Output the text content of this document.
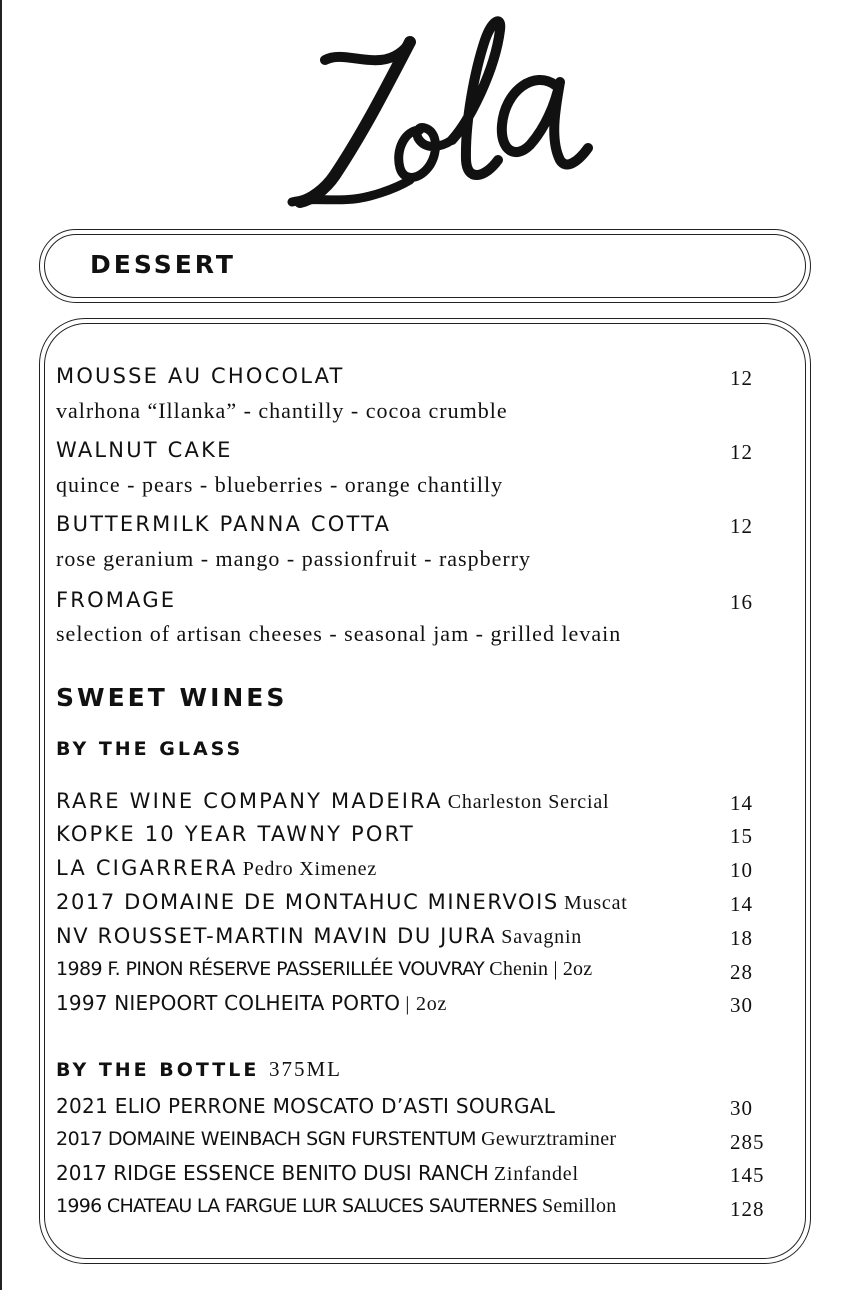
DESSERT
MOUSSE AU CHOCOLAT	12
valrhona “Illanka” - chantilly - cocoa crumble
WALNUT CAKE	12
quince - pears - blueberries - orange chantilly
BUTTERMILK PANNA COTTA	12
rose geranium - mango - passionfruit - raspberry
FROMAGE	16
selection of artisan cheeses - seasonal jam - grilled levain
SWEET WINES
BY THE GLASS
RARE WINE COMPANY MADEIRA Charleston Sercial	14
KOPKE 10 YEAR TAWNY PORT	15
LA CIGARRERA Pedro Ximenez	10
2017 DOMAINE DE MONTAHUC MINERVOIS Muscat	14
NV ROUSSET-MARTIN MAVIN DU JURA Savagnin	18
1989 F. PINON RÉSERVE PASSERILLÉE VOUVRAY Chenin | 2oz	28
1997 NIEPOORT COLHEITA PORTO | 2oz	30
BY THE BOTTLE 375ML
2021 ELIO PERRONE MOSCATO D’ASTI SOURGAL	30
2017 DOMAINE WEINBACH SGN FURSTENTUM Gewurztraminer	285
2017 RIDGE ESSENCE BENITO DUSI RANCH Zinfandel	145
1996 CHATEAU LA FARGUE LUR SALUCES SAUTERNES Semillon	128
